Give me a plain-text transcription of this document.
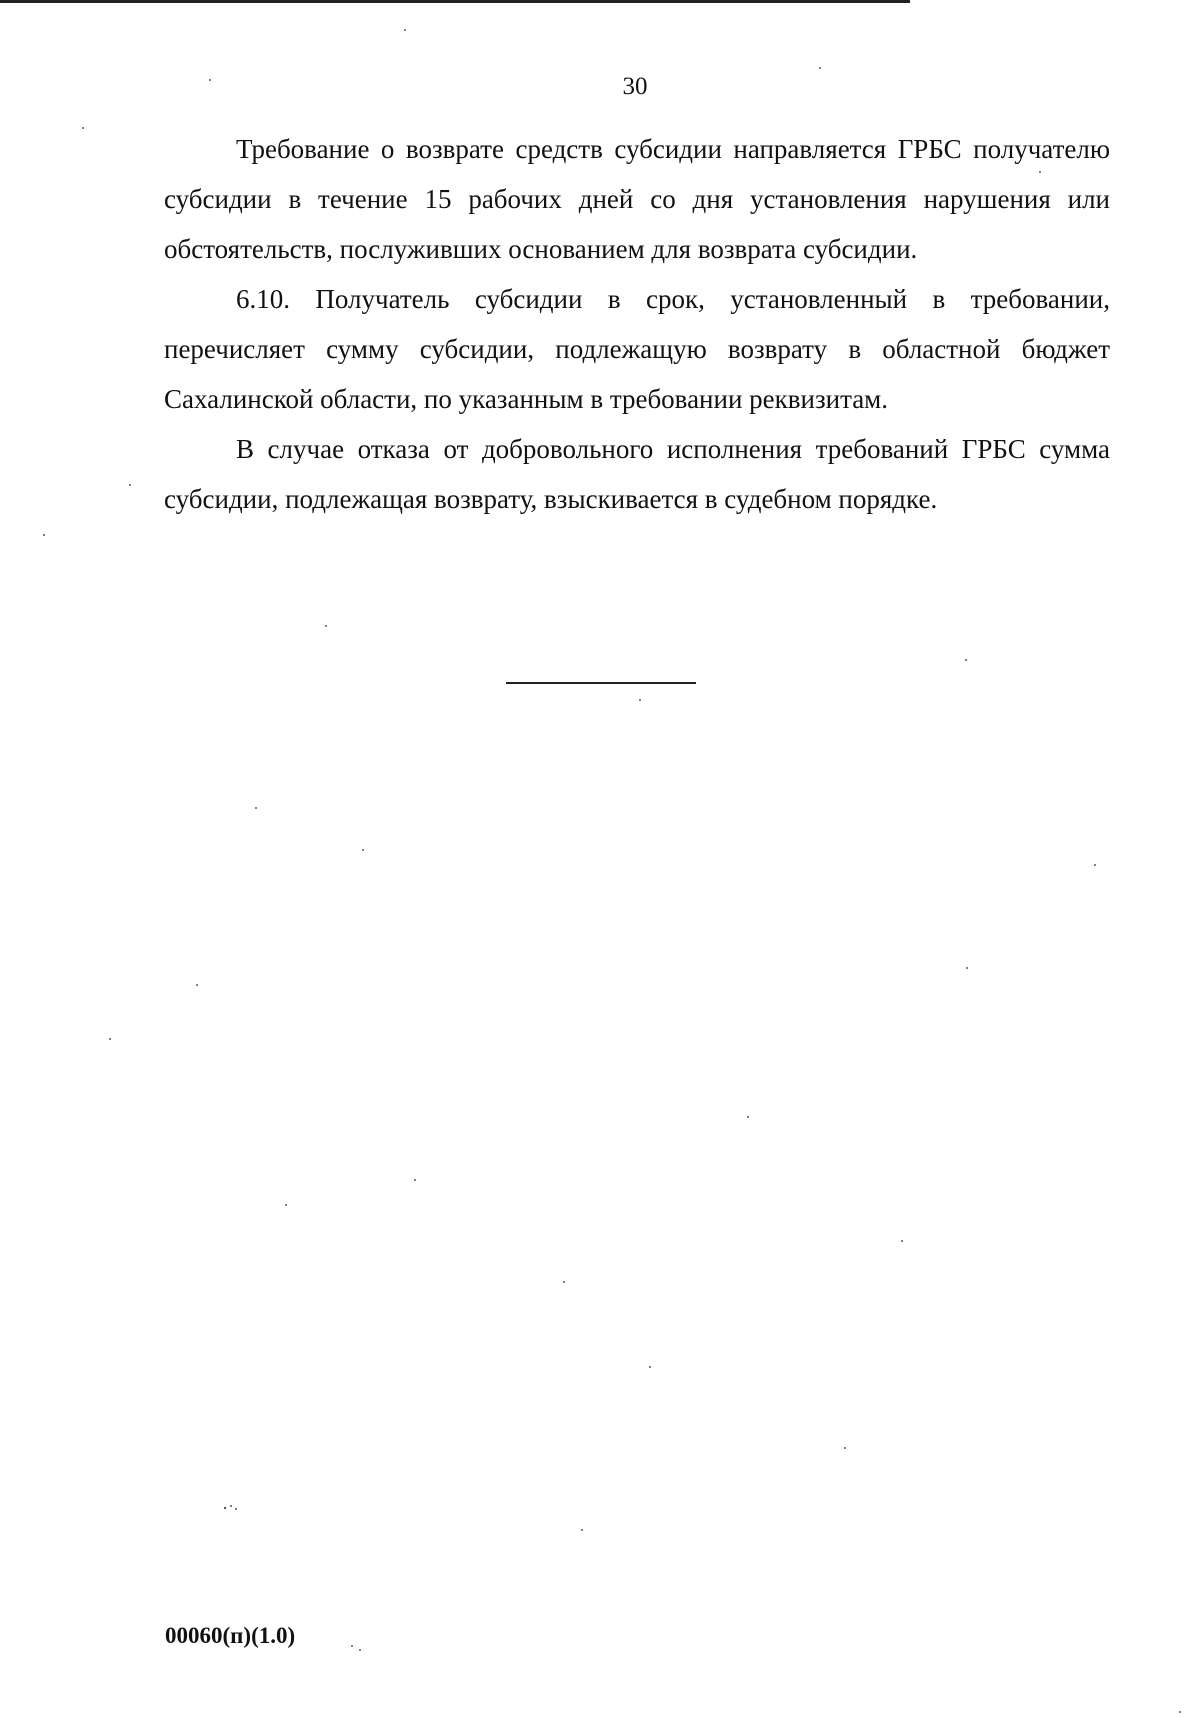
30

Требование о возврате средств субсидии направляется ГРБС получателю субсидии в течение 15 рабочих дней со дня установления нарушения или обстоятельств, послуживших основанием для возврата субсидии.

6.10. Получатель субсидии в срок, установленный в требовании, перечисляет сумму субсидии, подлежащую возврату в областной бюджет Сахалинской области, по указанным в требовании реквизитам.

В случае отказа от добровольного исполнения требований ГРБС сумма субсидии, подлежащая возврату, взыскивается в судебном порядке.

00060(п)(1.0)
